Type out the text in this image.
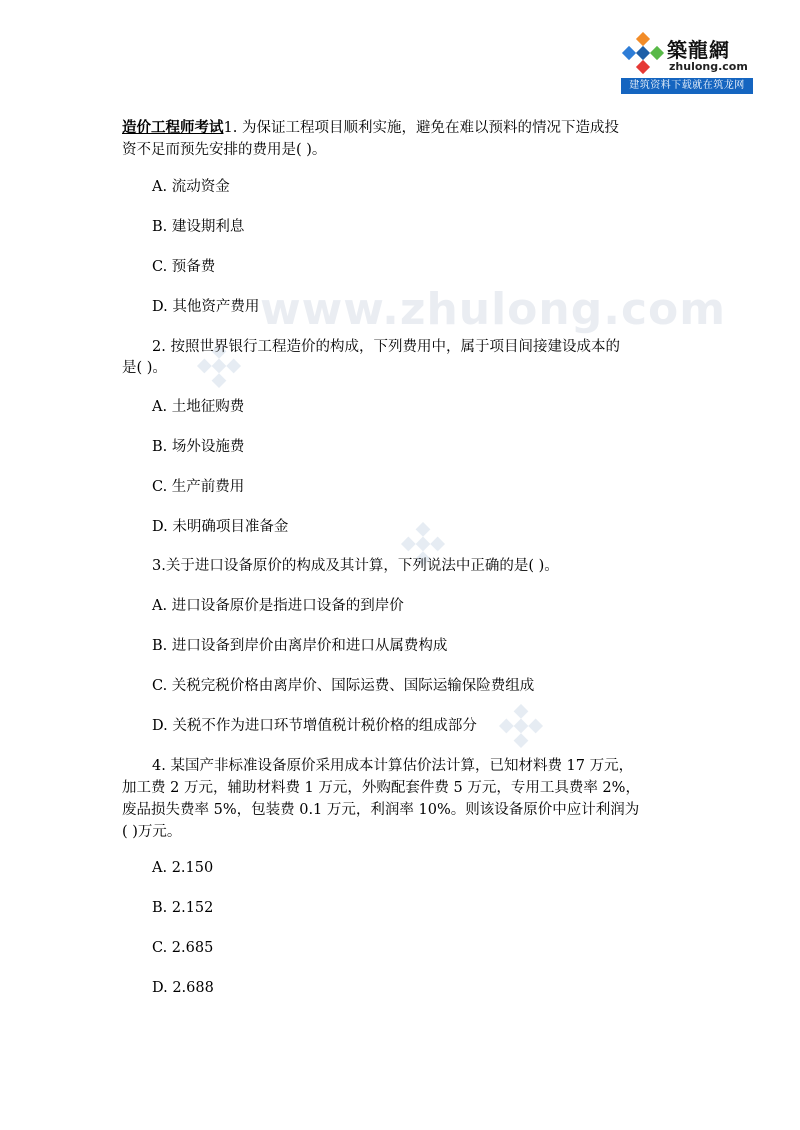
築龍網
zhulong.com
建筑资料下载就在筑龙网
www.zhulong.com
造价工程师考试1. 为保证工程项目顺利实施，避免在难以预料的情况下造成投
资不足而预先安排的费用是( )。
A. 流动资金
B. 建设期利息
C. 预备费
D. 其他资产费用
2. 按照世界银行工程造价的构成，下列费用中，属于项目间接建设成本的
是( )。
A. 土地征购费
B. 场外设施费
C. 生产前费用
D. 未明确项目准备金
3.关于进口设备原价的构成及其计算，下列说法中正确的是( )。
A. 进口设备原价是指进口设备的到岸价
B. 进口设备到岸价由离岸价和进口从属费构成
C. 关税完税价格由离岸价、国际运费、国际运输保险费组成
D. 关税不作为进口环节增值税计税价格的组成部分
4. 某国产非标准设备原价采用成本计算估价法计算，已知材料费 17 万元，
加工费 2 万元，辅助材料费 1 万元，外购配套件费 5 万元，专用工具费率 2%，
废品损失费率 5%，包装费 0.1 万元，利润率 10%。则该设备原价中应计利润为
( )万元。
A. 2.150
B. 2.152
C. 2.685
D. 2.688
